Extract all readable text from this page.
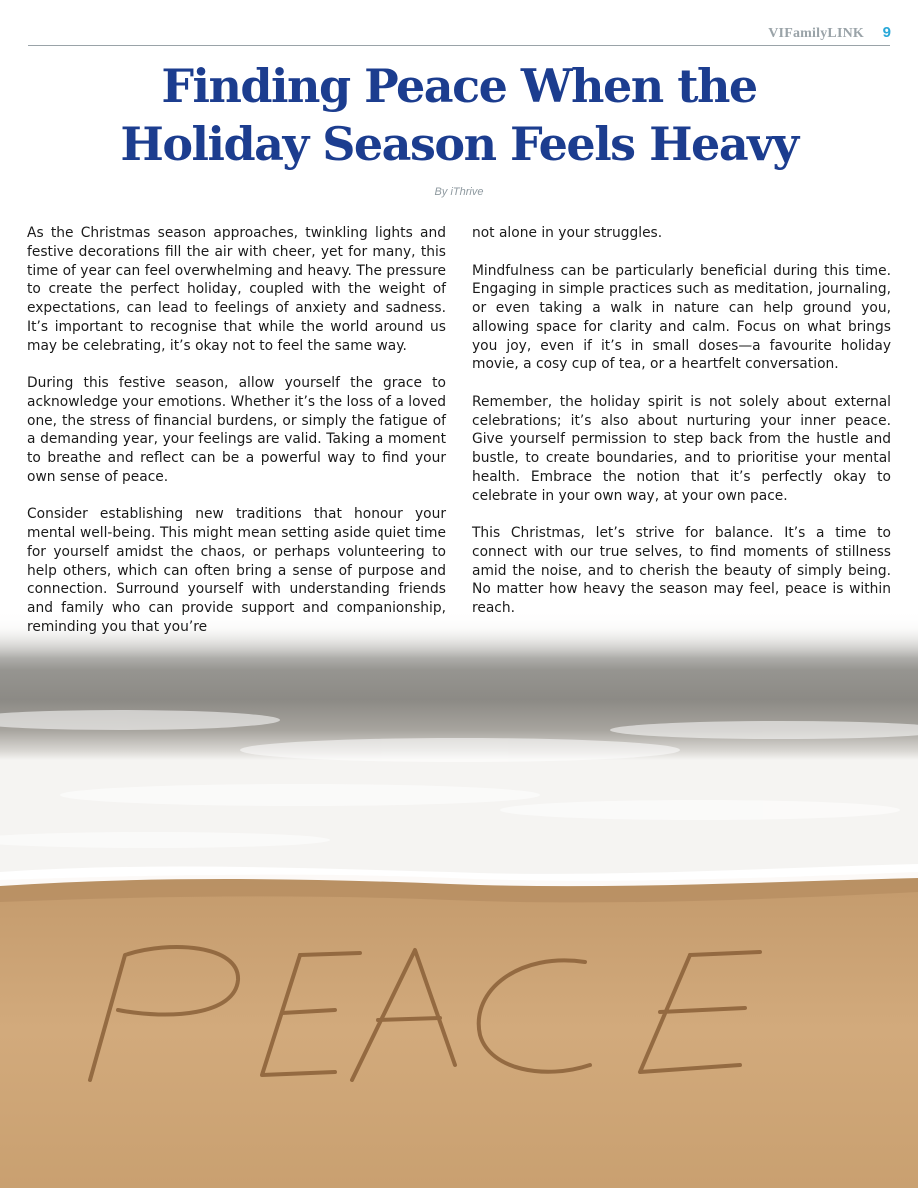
VIFamilyLINK 9
Finding Peace When the
Holiday Season Feels Heavy
By iThrive

As the Christmas season approaches, twinkling lights and festive decorations fill the air with cheer, yet for many, this time of year can feel overwhelming and heavy. The pressure to create the perfect holiday, coupled with the weight of expectations, can lead to feelings of anxiety and sadness. It’s important to recognise that while the world around us may be celebrating, it’s okay not to feel the same way.

During this festive season, allow yourself the grace to acknowledge your emotions. Whether it’s the loss of a loved one, the stress of financial burdens, or simply the fatigue of a demanding year, your feelings are valid. Taking a moment to breathe and reflect can be a powerful way to find your own sense of peace.

Consider establishing new traditions that honour your mental well-being. This might mean setting aside quiet time for yourself amidst the chaos, or perhaps volunteering to help others, which can often bring a sense of purpose and connection. Surround yourself with understanding friends and family who can provide support and companionship, reminding you that you’re

not alone in your struggles.

Mindfulness can be particularly beneficial during this time. Engaging in simple practices such as meditation, journaling, or even taking a walk in nature can help ground you, allowing space for clarity and calm. Focus on what brings you joy, even if it’s in small doses—a favourite holiday movie, a cosy cup of tea, or a heartfelt conversation.

Remember, the holiday spirit is not solely about external celebrations; it’s also about nurturing your inner peace. Give yourself permission to step back from the hustle and bustle, to create boundaries, and to prioritise your mental health. Embrace the notion that it’s perfectly okay to celebrate in your own way, at your own pace.

This Christmas, let’s strive for balance. It’s a time to connect with our true selves, to find moments of stillness amid the noise, and to cherish the beauty of simply being. No matter how heavy the season may feel, peace is within reach.
